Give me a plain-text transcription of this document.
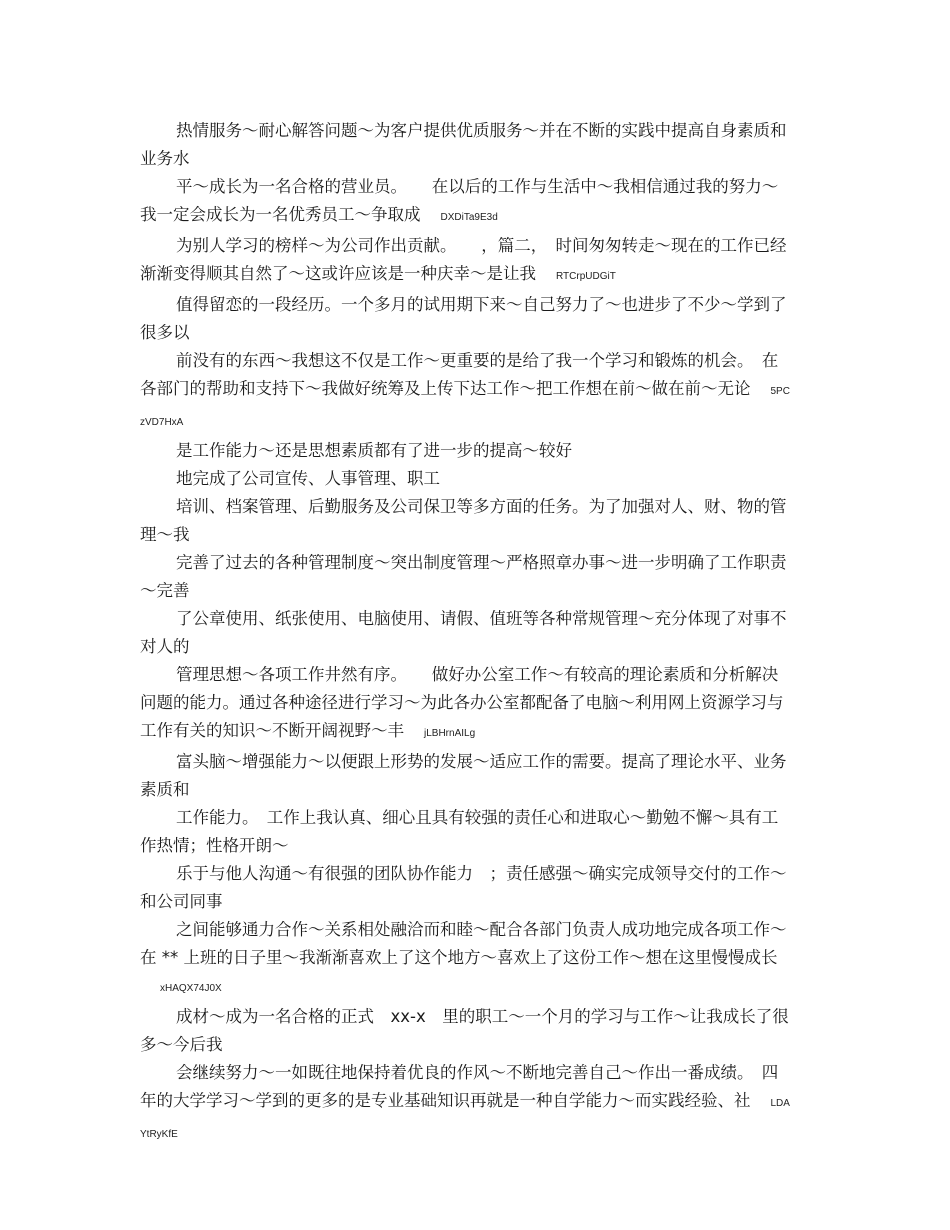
热情服务～耐心解答问题～为客户提供优质服务～并在不断的实践中提高自身素质和业务水

平～成长为一名合格的营业员。　　在以后的工作与生活中～我相信通过我的努力～我一定会成长为一名优秀员工～争取成 DXDiTa9E3d

为别人学习的榜样～为公司作出贡献。　　，篇二，　时间匆匆转走～现在的工作已经渐渐变得顺其自然了～这或许应该是一种庆幸～是让我 RTCrpUDGiT

值得留恋的一段经历。一个多月的试用期下来～自己努力了～也进步了不少～学到了很多以

前没有的东西～我想这不仅是工作～更重要的是给了我一个学习和锻炼的机会。　在各部门的帮助和支持下～我做好统筹及上传下达工作～把工作想在前～做在前～无论 5PCzVD7HxA

是工作能力～还是思想素质都有了进一步的提高～较好

地完成了公司宣传、人事管理、职工

培训、档案管理、后勤服务及公司保卫等多方面的任务。为了加强对人、财、物的管理～我

完善了过去的各种管理制度～突出制度管理～严格照章办事～进一步明确了工作职责～完善

了公章使用、纸张使用、电脑使用、请假、值班等各种常规管理～充分体现了对事不对人的

管理思想～各项工作井然有序。　　做好办公室工作～有较高的理论素质和分析解决问题的能力。通过各种途径进行学习～为此各办公室都配备了电脑～利用网上资源学习与工作有关的知识～不断开阔视野～丰 jLBHrnAILg

富头脑～增强能力～以便跟上形势的发展～适应工作的需要。提高了理论水平、业务素质和

工作能力。　工作上我认真、细心且具有较强的责任心和进取心～勤勉不懈～具有工作热情；性格开朗～

乐于与他人沟通～有很强的团队协作能力　；责任感强～确实完成领导交付的工作～和公司同事

之间能够通力合作～关系相处融洽而和睦～配合各部门负责人成功地完成各项工作～在 ** 上班的日子里～我渐渐喜欢上了这个地方～喜欢上了这份工作～想在这里慢慢成长xHAQX74J0X

成材～成为一名合格的正式　xx-x　里的职工～一个月的学习与工作～让我成长了很多～今后我

会继续努力～一如既往地保持着优良的作风～不断地完善自己～作出一番成绩。　四年的大学学习～学到的更多的是专业基础知识再就是一种自学能力～而实践经验、社 LDAYtRyKfE
